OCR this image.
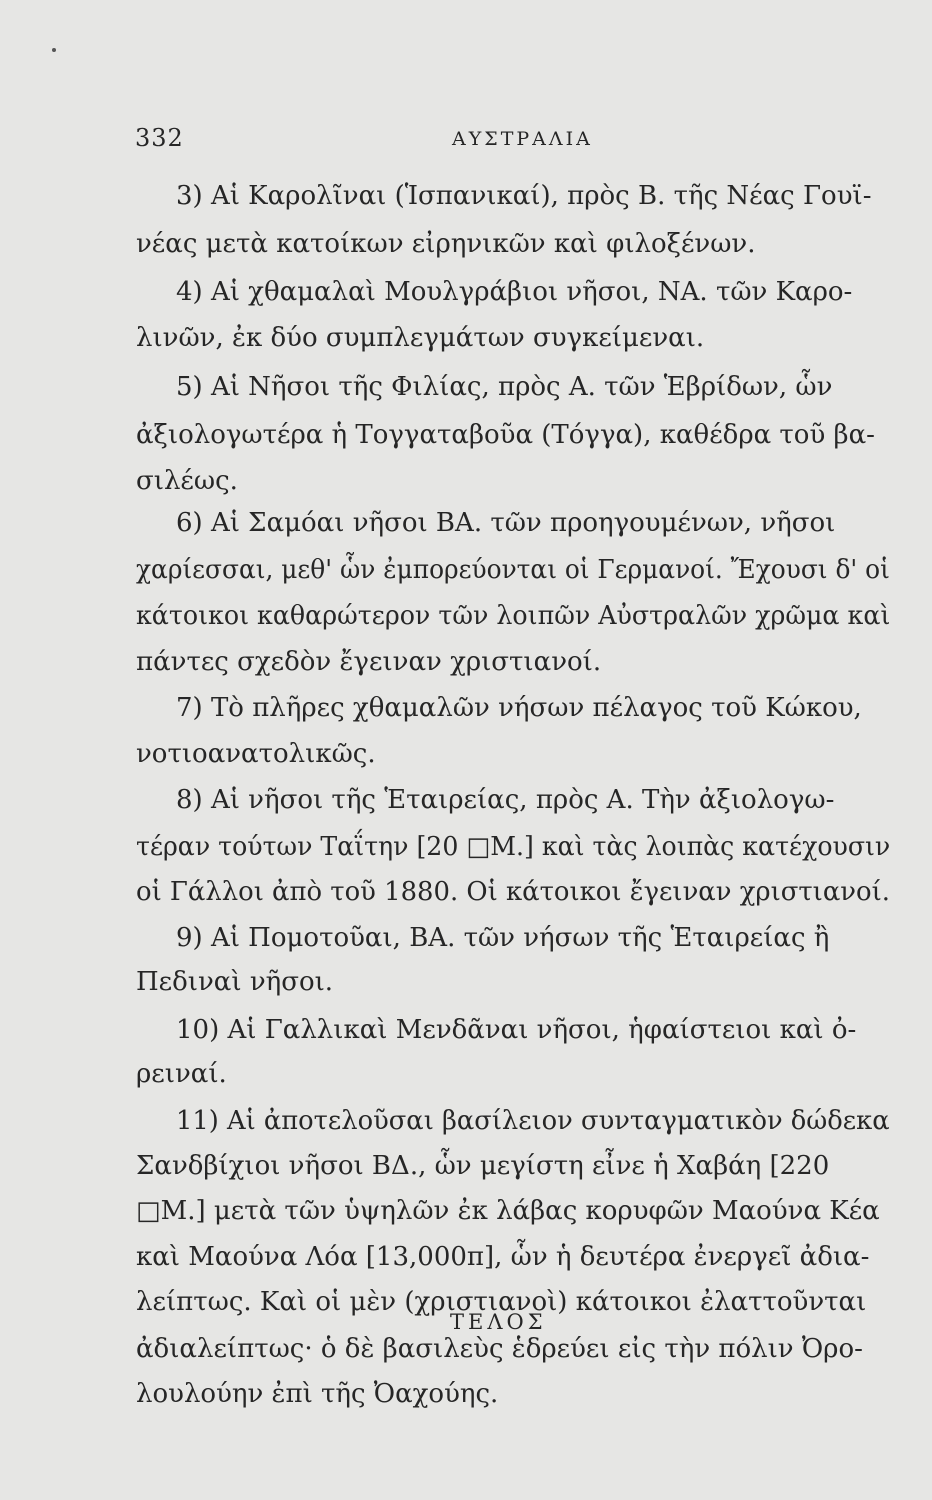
332	ΑΥΣΤΡΑΛΙΑ
3) Αἱ Καρολῖναι (Ἱσπανικαί), πρὸς Β. τῆς Νέας Γουϊ-
νέας μετὰ κατοίκων εἰρηνικῶν καὶ φιλοξένων.
4) Αἱ χθαμαλαὶ Μουλγράβιοι νῆσοι, ΝΑ. τῶν Καρο-
λινῶν, ἐκ δύο συμπλεγμάτων συγκείμεναι.
5) Αἱ Νῆσοι τῆς Φιλίας, πρὸς Α. τῶν Ἑβρίδων, ὧν
ἀξιολογωτέρα ἡ Τογγαταβοῦα (Τόγγα), καθέδρα τοῦ βα-
σιλέως.
6) Αἱ Σαμόαι νῆσοι ΒΑ. τῶν προηγουμένων, νῆσοι
χαρίεσσαι, μεθ' ὧν ἐμπορεύονται οἱ Γερμανοί. Ἔχουσι δ' οἱ
κάτοικοι καθαρώτερον τῶν λοιπῶν Αὐστραλῶν χρῶμα καὶ
πάντες σχεδὸν ἔγειναν χριστιανοί.
7) Τὸ πλῆρες χθαμαλῶν νήσων πέλαγος τοῦ Κώκου,
νοτιοανατολικῶς.
8) Αἱ νῆσοι τῆς Ἑταιρείας, πρὸς Α. Τὴν ἀξιολογω-
τέραν τούτων Ταΐτην [20 □Μ.] καὶ τὰς λοιπὰς κατέχουσιν
οἱ Γάλλοι ἀπὸ τοῦ 1880. Οἱ κάτοικοι ἔγειναν χριστιανοί.
9) Αἱ Πομοτοῦαι, ΒΑ. τῶν νήσων τῆς Ἑταιρείας ἢ
Πεδιναὶ νῆσοι.
10) Αἱ Γαλλικαὶ Μενδᾶναι νῆσοι, ἡφαίστειοι καὶ ὀ-
ρειναί.
11) Αἱ ἀποτελοῦσαι βασίλειον συνταγματικὸν δώδεκα
Σανδβίχιοι νῆσοι ΒΔ., ὧν μεγίστη εἶνε ἡ Χαβάη [220
□Μ.] μετὰ τῶν ὑψηλῶν ἐκ λάβας κορυφῶν Μαούνα Κέα
καὶ Μαούνα Λόα [13,000π], ὧν ἡ δευτέρα ἐνεργεῖ ἀδια-
λείπτως. Καὶ οἱ μὲν (χριστιανοὶ) κάτοικοι ἐλαττοῦνται
ἀδιαλείπτως· ὁ δὲ βασιλεὺς ἑδρεύει εἰς τὴν πόλιν Ὀρο-
λουλούην ἐπὶ τῆς Ὀαχούης.
ΤΕΛΟΣ
